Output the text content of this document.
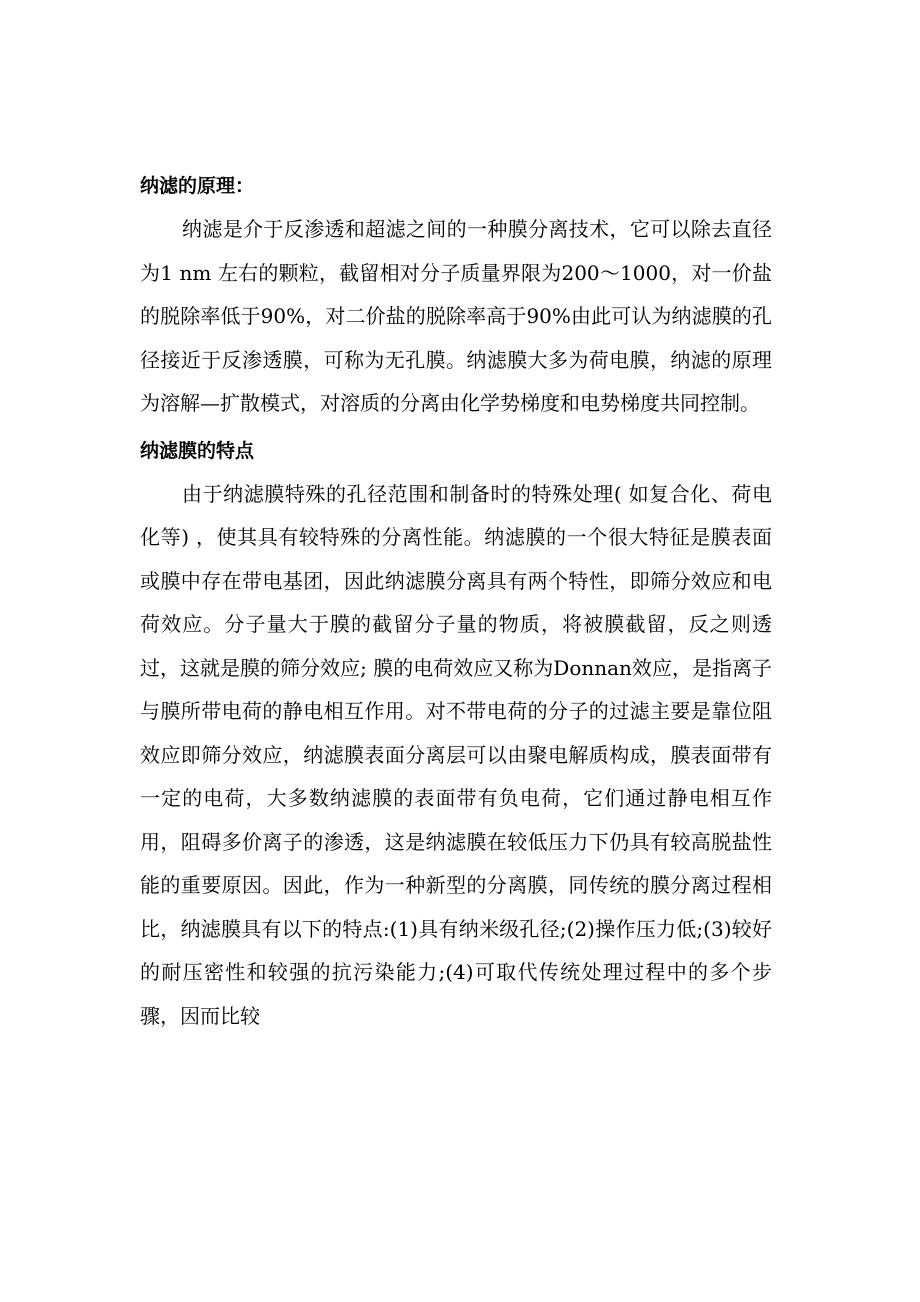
纳滤的原理：

纳滤是介于反渗透和超滤之间的一种膜分离技术，它可以除去直径为1 nm 左右的颗粒，截留相对分子质量界限为200～1000，对一价盐的脱除率低于90%，对二价盐的脱除率高于90%由此可认为纳滤膜的孔径接近于反渗透膜，可称为无孔膜。纳滤膜大多为荷电膜，纳滤的原理为溶解—扩散模式，对溶质的分离由化学势梯度和电势梯度共同控制。

纳滤膜的特点

由于纳滤膜特殊的孔径范围和制备时的特殊处理( 如复合化、荷电化等) ，使其具有较特殊的分离性能。纳滤膜的一个很大特征是膜表面或膜中存在带电基团，因此纳滤膜分离具有两个特性，即筛分效应和电荷效应。分子量大于膜的截留分子量的物质，将被膜截留，反之则透过，这就是膜的筛分效应; 膜的电荷效应又称为Donnan效应，是指离子与膜所带电荷的静电相互作用。对不带电荷的分子的过滤主要是靠位阻效应即筛分效应，纳滤膜表面分离层可以由聚电解质构成，膜表面带有一定的电荷，大多数纳滤膜的表面带有负电荷，它们通过静电相互作用，阻碍多价离子的渗透，这是纳滤膜在较低压力下仍具有较高脱盐性能的重要原因。因此，作为一种新型的分离膜，同传统的膜分离过程相比，纳滤膜具有以下的特点:(1)具有纳米级孔径;(2)操作压力低;(3)较好的耐压密性和较强的抗污染能力;(4)可取代传统处理过程中的多个步骤，因而比较
